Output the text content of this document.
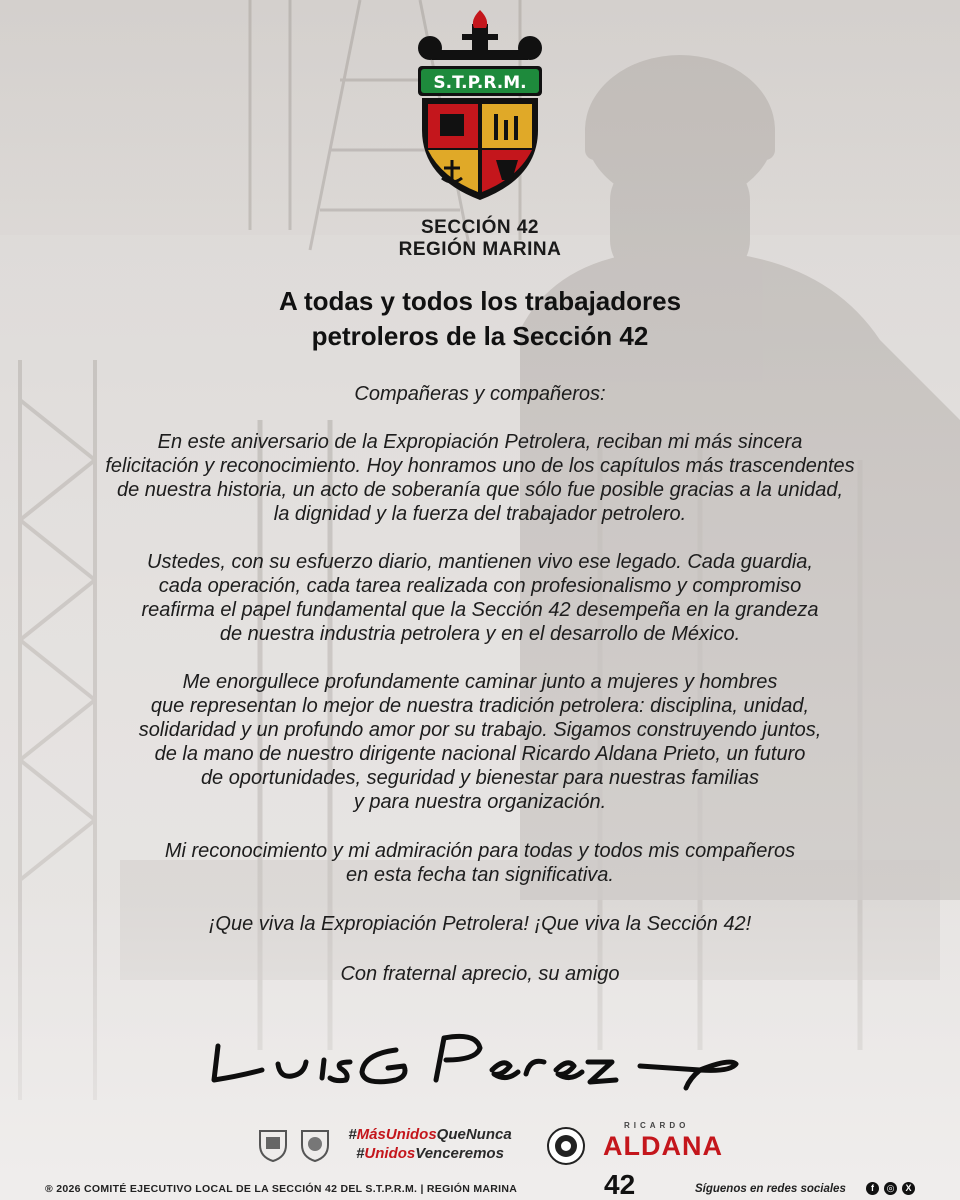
S.T.P.R.M.
SECCIÓN 42
REGIÓN MARINA
A todas y todos los trabajadores
petroleros de la Sección 42

Compañeras y compañeros:

En este aniversario de la Expropiación Petrolera, reciban mi más sincera

felicitación y reconocimiento. Hoy honramos uno de los capítulos más trascendentes

de nuestra historia, un acto de soberanía que sólo fue posible gracias a la unidad,

la dignidad y la fuerza del trabajador petrolero.

Ustedes, con su esfuerzo diario, mantienen vivo ese legado. Cada guardia,

cada operación, cada tarea realizada con profesionalismo y compromiso

reafirma el papel fundamental que la Sección 42 desempeña en la grandeza

de nuestra industria petrolera y en el desarrollo de México.

Me enorgullece profundamente caminar junto a mujeres y hombres

que representan lo mejor de nuestra tradición petrolera: disciplina, unidad,

solidaridad y un profundo amor por su trabajo. Sigamos construyendo juntos,

de la mano de nuestro dirigente nacional Ricardo Aldana Prieto, un futuro

de oportunidades, seguridad y bienestar para nuestras familias

y para nuestra organización.

Mi reconocimiento y mi admiración para todas y todos mis compañeros

en esta fecha tan significativa.

¡Que viva la Expropiación Petrolera! ¡Que viva la Sección 42!

Con fraternal aprecio, su amigo

#MásUnidosQueNunca
#UnidosVenceremos
RICARDO
ALDANA
® 2026 COMITÉ EJECUTIVO LOCAL DE LA SECCIÓN 42 DEL S.T.P.R.M. | REGIÓN MARINA	42	Síguenos en redes sociales	f	◎	X
